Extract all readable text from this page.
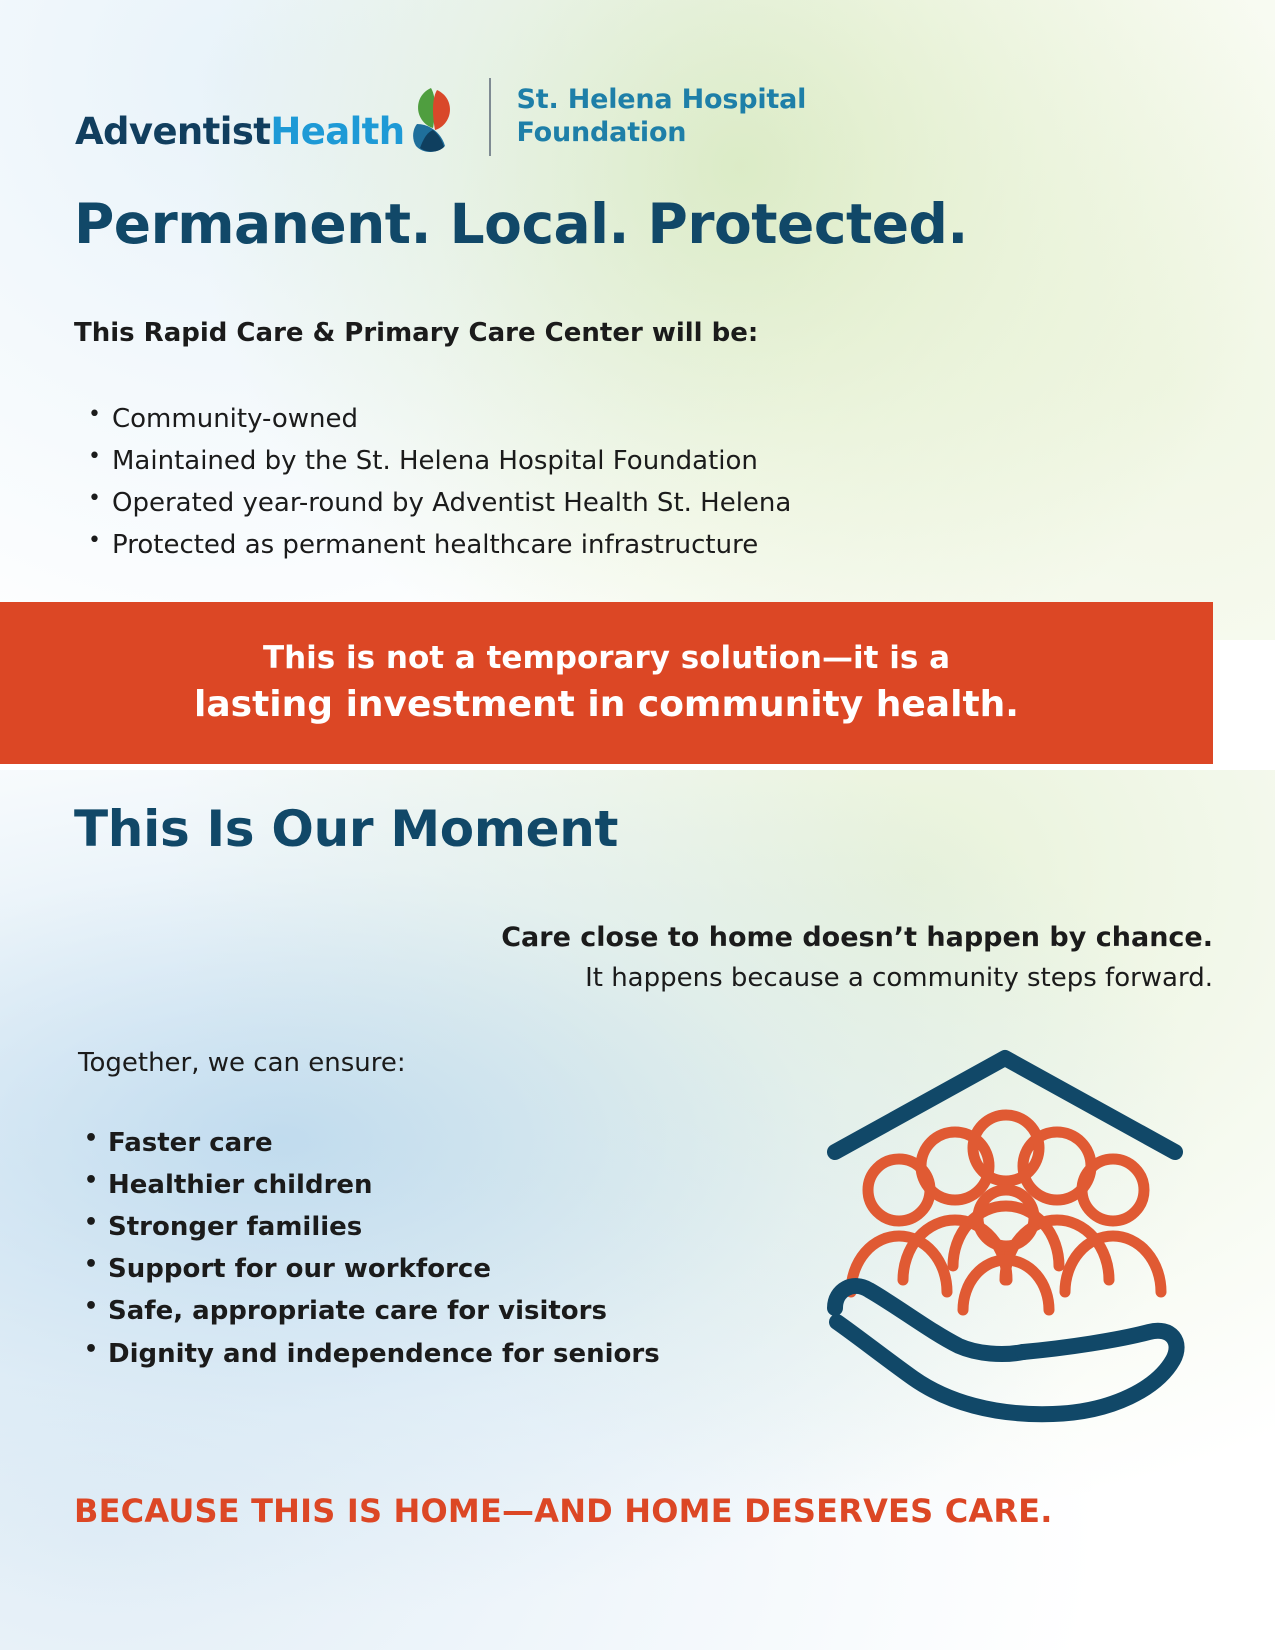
AdventistHealth
St. Helena Hospital
Foundation
Permanent. Local. Protected.
This Rapid Care & Primary Care Center will be:
• Community-owned
• Maintained by the St. Helena Hospital Foundation
• Operated year-round by Adventist Health St. Helena
• Protected as permanent healthcare infrastructure
This is not a temporary solution—it is a
lasting investment in community health.
This Is Our Moment
Care close to home doesn’t happen by chance.
It happens because a community steps forward.
Together, we can ensure:
• Faster care
• Healthier children
• Stronger families
• Support for our workforce
• Safe, appropriate care for visitors
• Dignity and independence for seniors
BECAUSE THIS IS HOME—AND HOME DESERVES CARE.
